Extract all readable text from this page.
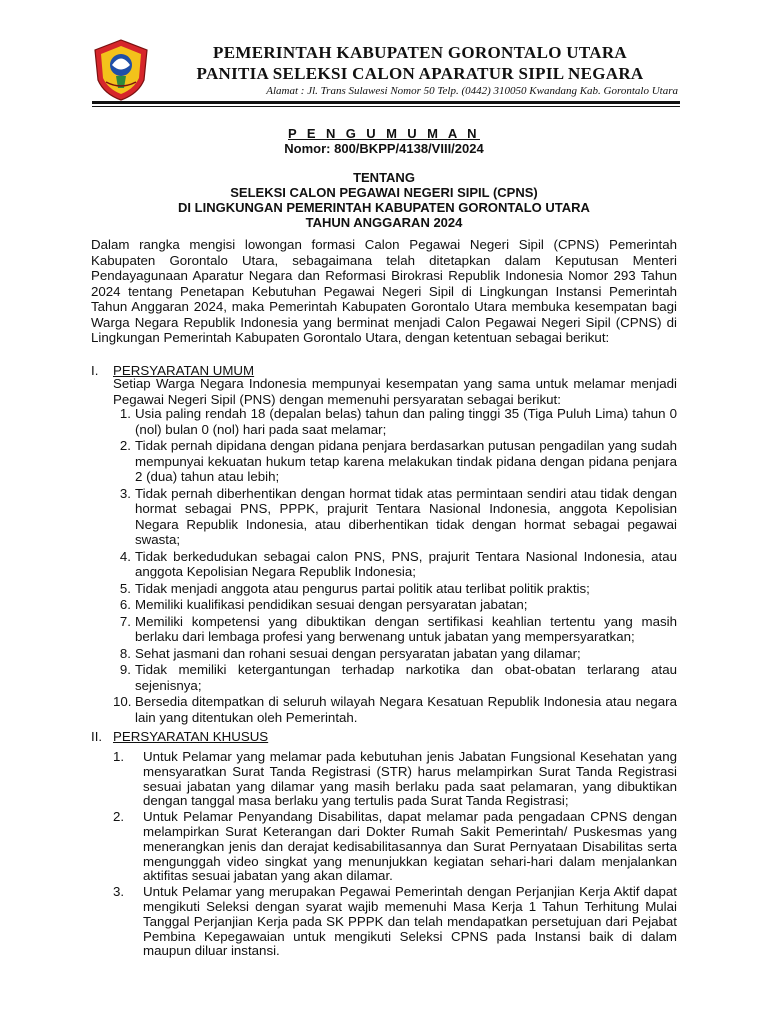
PEMERINTAH KABUPATEN GORONTALO UTARA
PANITIA SELEKSI CALON APARATUR SIPIL NEGARA
Alamat : Jl. Trans Sulawesi Nomor 50 Telp. (0442) 310050 Kwandang Kab. Gorontalo Utara
P E N G U M U M A N
Nomor: 800/BKPP/4138/VIII/2024
TENTANG
SELEKSI CALON PEGAWAI NEGERI SIPIL (CPNS)
DI LINGKUNGAN PEMERINTAH KABUPATEN GORONTALO UTARA
TAHUN ANGGARAN 2024

Dalam rangka mengisi lowongan formasi Calon Pegawai Negeri Sipil (CPNS) Pemerintah Kabupaten Gorontalo Utara, sebagaimana telah ditetapkan dalam Keputusan Menteri Pendayagunaan Aparatur Negara dan Reformasi Birokrasi Republik Indonesia Nomor 293 Tahun 2024 tentang Penetapan Kebutuhan Pegawai Negeri Sipil di Lingkungan Instansi Pemerintah Tahun Anggaran 2024, maka Pemerintah Kabupaten Gorontalo Utara membuka kesempatan bagi Warga Negara Republik Indonesia yang berminat menjadi Calon Pegawai Negeri Sipil (CPNS) di Lingkungan Pemerintah Kabupaten Gorontalo Utara, dengan ketentuan sebagai berikut:

I.	PERSYARATAN UMUM

Setiap Warga Negara Indonesia mempunyai kesempatan yang sama untuk melamar menjadi Pegawai Negeri Sipil (PNS) dengan memenuhi persyaratan sebagai berikut:

1. Usia paling rendah 18 (depalan belas) tahun dan paling tinggi 35 (Tiga Puluh Lima) tahun 0 (nol) bulan 0 (nol) hari pada saat melamar;
2. Tidak pernah dipidana dengan pidana penjara berdasarkan putusan pengadilan yang sudah mempunyai kekuatan hukum tetap karena melakukan tindak pidana dengan pidana penjara 2 (dua) tahun atau lebih;
3. Tidak pernah diberhentikan dengan hormat tidak atas permintaan sendiri atau tidak dengan hormat sebagai PNS, PPPK, prajurit Tentara Nasional Indonesia, anggota Kepolisian Negara Republik Indonesia, atau diberhentikan tidak dengan hormat sebagai pegawai swasta;
4. Tidak berkedudukan sebagai calon PNS, PNS, prajurit Tentara Nasional Indonesia, atau anggota Kepolisian Negara Republik Indonesia;
5. Tidak menjadi anggota atau pengurus partai politik atau terlibat politik praktis;
6. Memiliki kualifikasi pendidikan sesuai dengan persyaratan jabatan;
7. Memiliki kompetensi yang dibuktikan dengan sertifikasi keahlian tertentu yang masih berlaku dari lembaga profesi yang berwenang untuk jabatan yang mempersyaratkan;
8. Sehat jasmani dan rohani sesuai dengan persyaratan jabatan yang dilamar;
9. Tidak memiliki ketergantungan terhadap narkotika dan obat-obatan terlarang atau sejenisnya;
10. Bersedia ditempatkan di seluruh wilayah Negara Kesatuan Republik Indonesia atau negara lain yang ditentukan oleh Pemerintah.
II. PERSYARATAN KHUSUS
1.	Untuk Pelamar yang melamar pada kebutuhan jenis Jabatan Fungsional Kesehatan yang mensyaratkan Surat Tanda Registrasi (STR) harus melampirkan Surat Tanda Registrasi sesuai jabatan yang dilamar yang masih berlaku pada saat pelamaran, yang dibuktikan dengan tanggal masa berlaku yang tertulis pada Surat Tanda Registrasi;
2.	Untuk Pelamar Penyandang Disabilitas, dapat melamar pada pengadaan CPNS dengan melampirkan Surat Keterangan dari Dokter Rumah Sakit Pemerintah/ Puskesmas yang menerangkan jenis dan derajat kedisabilitasannya dan Surat Pernyataan Disabilitas serta mengunggah video singkat yang menunjukkan kegiatan sehari-hari dalam menjalankan aktifitas sesuai jabatan yang akan dilamar.
3.	Untuk Pelamar yang merupakan Pegawai Pemerintah dengan Perjanjian Kerja Aktif dapat mengikuti Seleksi dengan syarat wajib memenuhi Masa Kerja 1 Tahun Terhitung Mulai Tanggal Perjanjian Kerja pada SK PPPK dan telah mendapatkan persetujuan dari Pejabat Pembina Kepegawaian untuk mengikuti Seleksi CPNS pada Instansi baik di dalam maupun diluar instansi.
